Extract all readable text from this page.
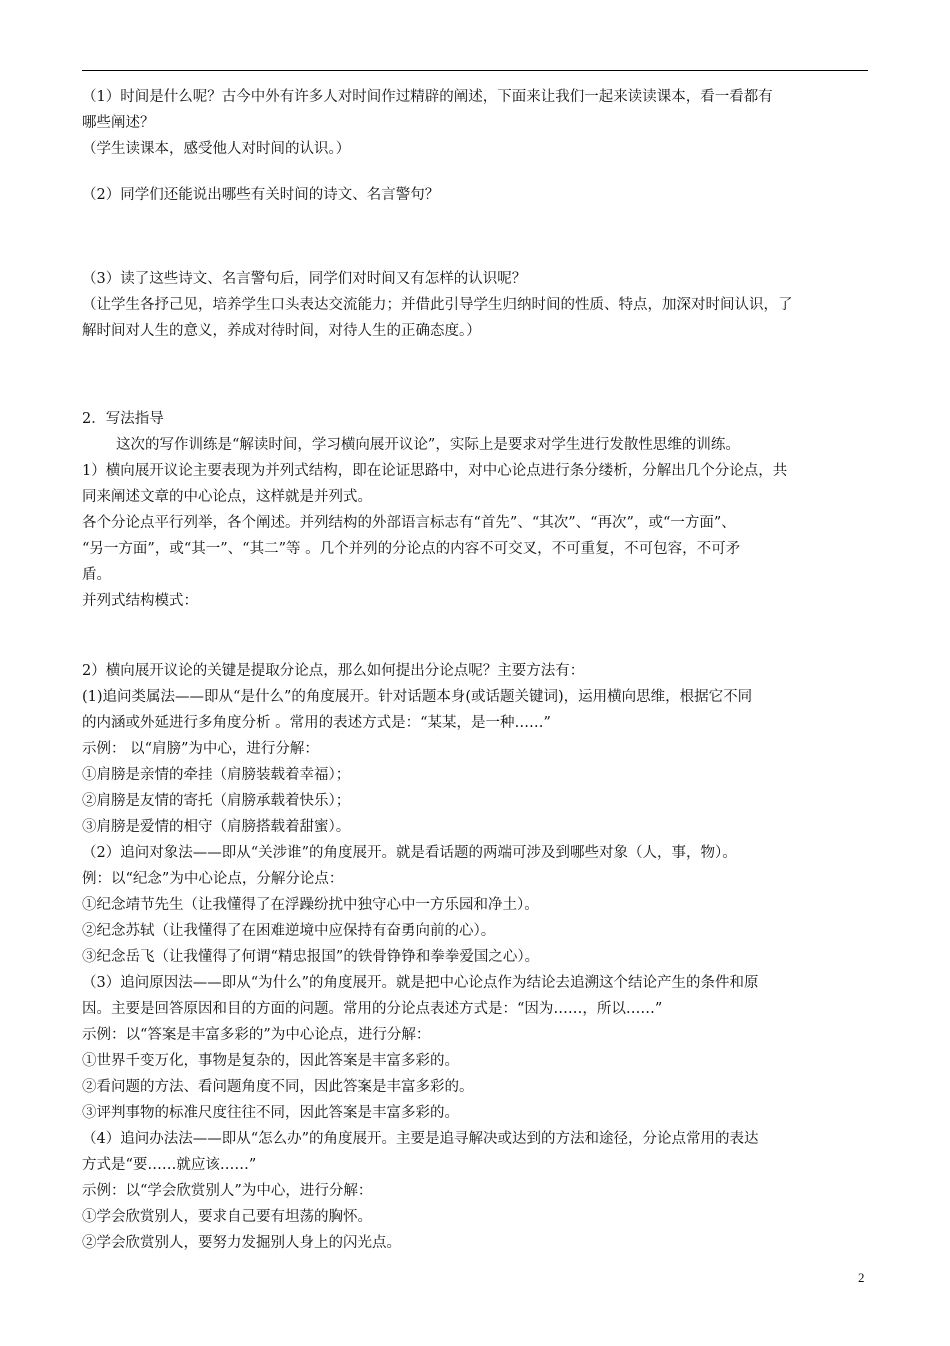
（1）时间是什么呢？古今中外有许多人对时间作过精辟的阐述，下面来让我们一起来读读课本，看一看都有
哪些阐述？
（学生读课本，感受他人对时间的认识。）
（2）同学们还能说出哪些有关时间的诗文、名言警句？
（3）读了这些诗文、名言警句后，同学们对时间又有怎样的认识呢？
（让学生各抒己见，培养学生口头表达交流能力；并借此引导学生归纳时间的性质、特点，加深对时间认识，了
解时间对人生的意义，养成对待时间，对待人生的正确态度。）
2．写法指导
这次的写作训练是“解读时间，学习横向展开议论”，实际上是要求对学生进行发散性思维的训练。
1）横向展开议论主要表现为并列式结构，即在论证思路中，对中心论点进行条分缕析，分解出几个分论点，共
同来阐述文章的中心论点，这样就是并列式。
各个分论点平行列举，各个阐述。并列结构的外部语言标志有“首先”、“其次”、“再次”，或“一方面”、
“另一方面”，或“其一”、“其二”等 。几个并列的分论点的内容不可交叉，不可重复，不可包容，不可矛
盾。
并列式结构模式：
2）横向展开议论的关键是提取分论点，那么如何提出分论点呢？主要方法有：
(1)追问类属法——即从“是什么”的角度展开。针对话题本身(或话题关键词)，运用横向思维，根据它不同
的内涵或外延进行多角度分析 。常用的表述方式是：“某某，是一种……”
示例： 以“肩膀”为中心，进行分解：
①肩膀是亲情的牵挂（肩膀装载着幸福）；
②肩膀是友情的寄托（肩膀承载着快乐）；
③肩膀是爱情的相守（肩膀搭载着甜蜜）。
（2）追问对象法——即从“关涉谁”的角度展开。就是看话题的两端可涉及到哪些对象（人，事，物）。
例：以“纪念”为中心论点，分解分论点：
①纪念靖节先生（让我懂得了在浮躁纷扰中独守心中一方乐园和净土）。
②纪念苏轼（让我懂得了在困难逆境中应保持有奋勇向前的心）。
③纪念岳飞（让我懂得了何谓“精忠报国”的铁骨铮铮和拳拳爱国之心）。
（3）追问原因法——即从“为什么”的角度展开。就是把中心论点作为结论去追溯这个结论产生的条件和原
因。主要是回答原因和目的方面的问题。常用的分论点表述方式是：“因为……，所以……”
示例：以“答案是丰富多彩的”为中心论点，进行分解：
①世界千变万化，事物是复杂的，因此答案是丰富多彩的。
②看问题的方法、看问题角度不同，因此答案是丰富多彩的。
③评判事物的标准尺度往往不同，因此答案是丰富多彩的。
（4）追问办法法——即从“怎么办”的角度展开。主要是追寻解决或达到的方法和途径，分论点常用的表达
方式是“要……就应该……”
示例：以“学会欣赏别人”为中心，进行分解：
①学会欣赏别人，要求自己要有坦荡的胸怀。
②学会欣赏别人，要努力发掘别人身上的闪光点。
2
